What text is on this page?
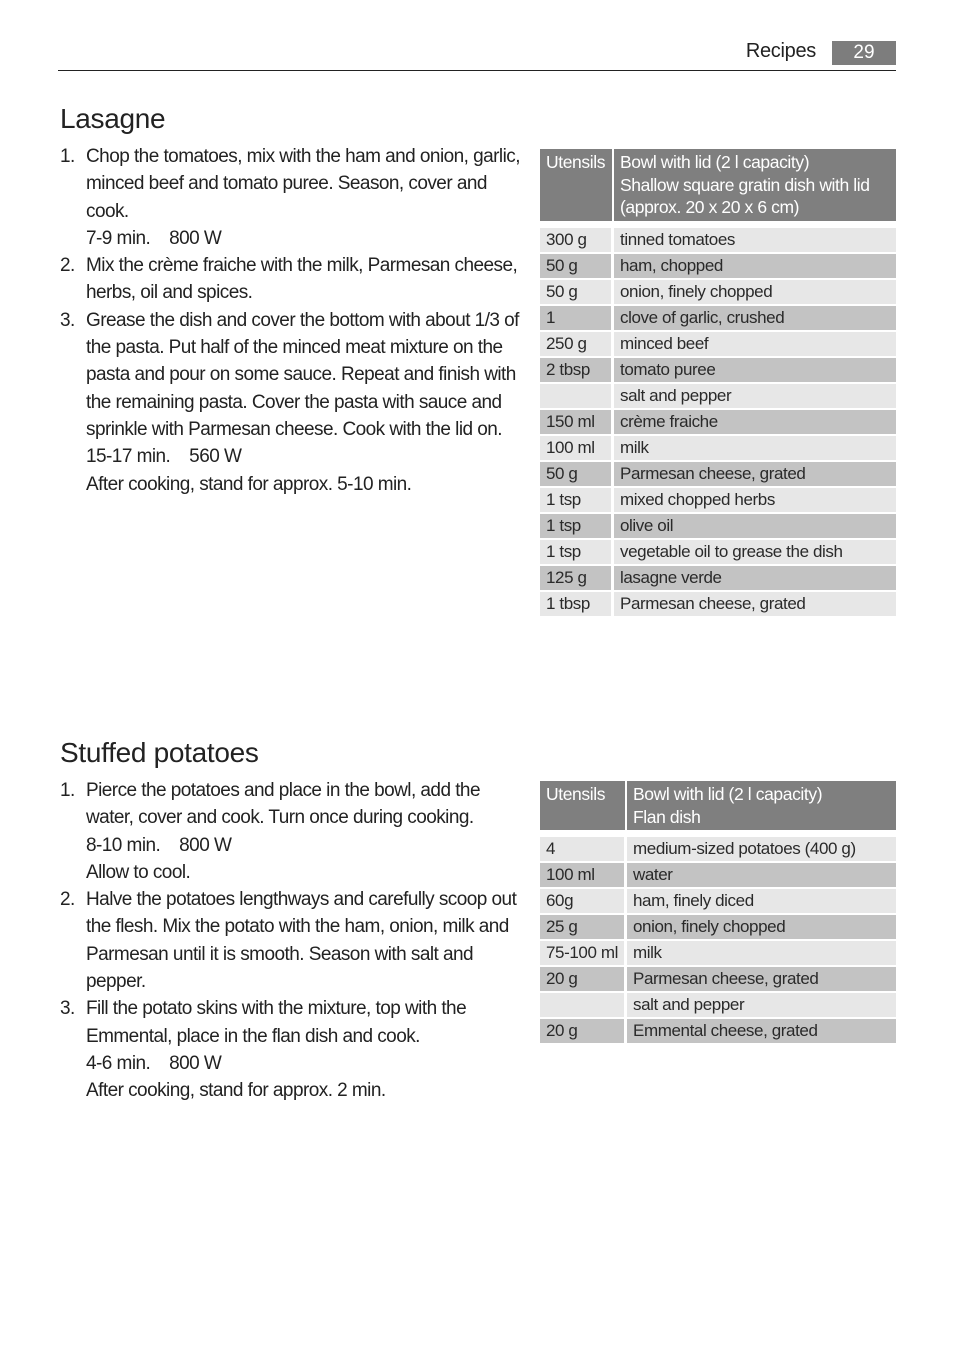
Recipes	29
Lasagne
1. Chop the tomatoes, mix with the ham and onion, garlic,
minced beef and tomato puree. Season, cover and cook.
7-9 min.    800 W
2. Mix the crème fraiche with the milk, Parmesan cheese,
herbs, oil and spices.
3. Grease the dish and cover the bottom with about 1/3 of
the pasta. Put half of the minced meat mixture on the
pasta and pour on some sauce. Repeat and finish with
the remaining pasta. Cover the pasta with sauce and
sprinkle with Parmesan cheese. Cook with the lid on.
15-17 min.    560 W
After cooking, stand for approx. 5-10 min.
Utensils	Bowl with lid (2 l capacity)
Shallow square gratin dish with lid
(approx. 20 x 20 x 6 cm)

300 g	tinned tomatoes
50 g	ham, chopped
50 g	onion, finely chopped
1	clove of garlic, crushed
250 g	minced beef
2 tbsp	tomato puree
	salt and pepper
150 ml	crème fraiche
100 ml	milk
50 g	Parmesan cheese, grated
1 tsp	mixed chopped herbs
1 tsp	olive oil
1 tsp	vegetable oil to grease the dish
125 g	lasagne verde
1 tbsp	Parmesan cheese, grated
Stuffed potatoes
1. Pierce the potatoes and place in the bowl, add the
water, cover and cook. Turn once during cooking.
8-10 min.    800 W
Allow to cool.
2. Halve the potatoes lengthways and carefully scoop out
the flesh. Mix the potato with the ham, onion, milk and
Parmesan until it is smooth. Season with salt and
pepper.
3. Fill the potato skins with the mixture, top with the
Emmental, place in the flan dish and cook.
4-6 min.    800 W
After cooking, stand for approx. 2 min.
Utensils	Bowl with lid (2 l capacity)
Flan dish

4	medium-sized potatoes (400 g)
100 ml	water
60g	ham, finely diced
25 g	onion, finely chopped
75-100 ml	milk
20 g	Parmesan cheese, grated
	salt and pepper
20 g	Emmental cheese, grated
